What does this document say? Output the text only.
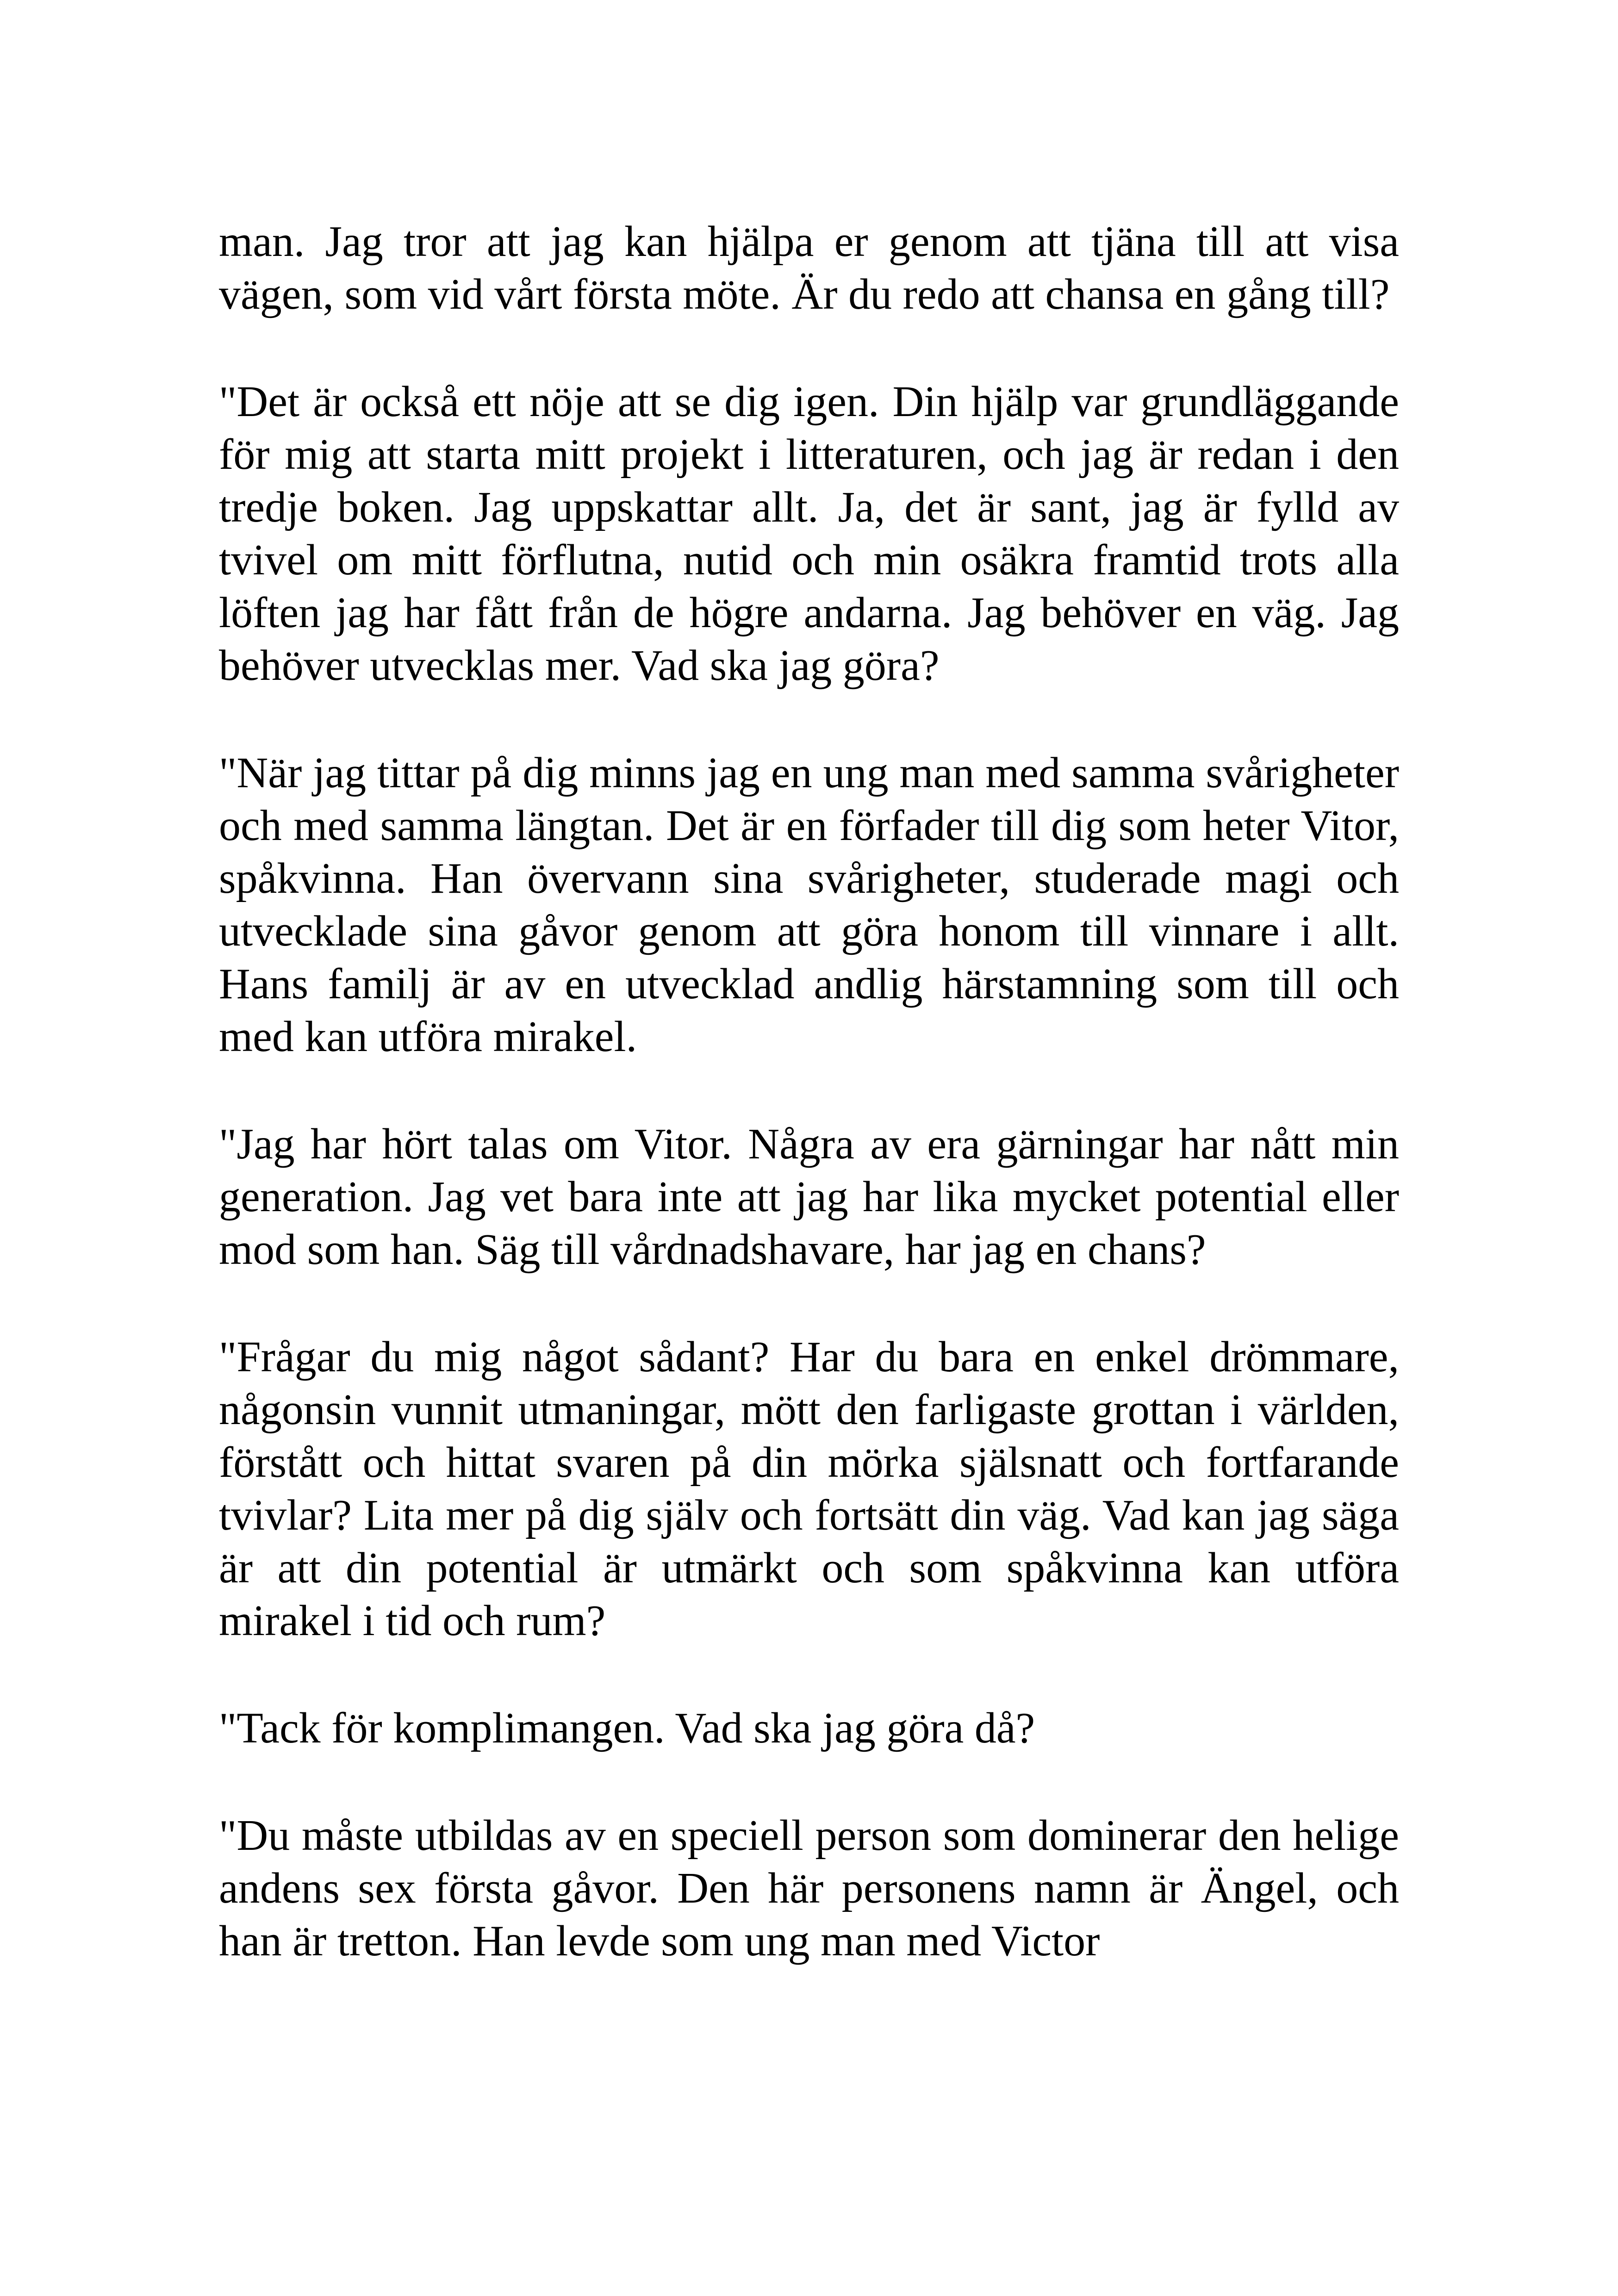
man. Jag tror att jag kan hjälpa er genom att tjäna till att visa vägen, som vid vårt första möte. Är du redo att chansa en gång till?

"Det är också ett nöje att se dig igen. Din hjälp var grundläggande för mig att starta mitt projekt i litteraturen, och jag är redan i den tredje boken. Jag uppskattar allt. Ja, det är sant, jag är fylld av tvivel om mitt förflutna, nutid och min osäkra framtid trots alla löften jag har fått från de högre andarna. Jag behöver en väg. Jag behöver utvecklas mer. Vad ska jag göra?

"När jag tittar på dig minns jag en ung man med samma svårigheter och med samma längtan. Det är en förfader till dig som heter Vitor, spåkvinna. Han övervann sina svårigheter, studerade magi och utvecklade sina gåvor genom att göra honom till vinnare i allt. Hans familj är av en utvecklad andlig härstamning som till och med kan utföra mirakel.

"Jag har hört talas om Vitor. Några av era gärningar har nått min generation. Jag vet bara inte att jag har lika mycket potential eller mod som han. Säg till vårdnadshavare, har jag en chans?

"Frågar du mig något sådant? Har du bara en enkel drömmare, någonsin vunnit utmaningar, mött den farligaste grottan i världen, förstått och hittat svaren på din mörka själsnatt och fortfarande tvivlar? Lita mer på dig själv och fortsätt din väg. Vad kan jag säga är att din potential är utmärkt och som spåkvinna kan utföra mirakel i tid och rum?

"Tack för komplimangen. Vad ska jag göra då?

"Du måste utbildas av en speciell person som dominerar den helige andens sex första gåvor. Den här personens namn är Ängel, och han är tretton. Han levde som ung man med Victor
